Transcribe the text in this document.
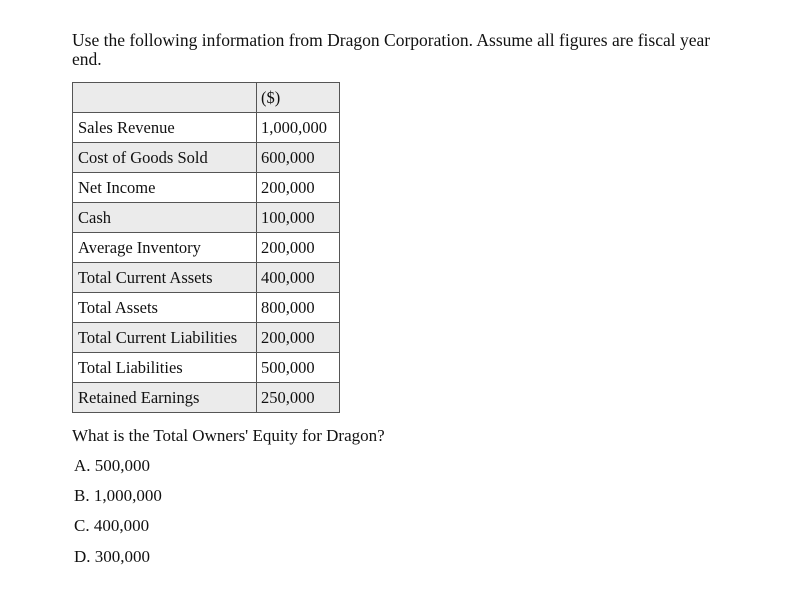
Use the following information from Dragon Corporation. Assume all figures are fiscal year end.

	($)
Sales Revenue	1,000,000
Cost of Goods Sold	600,000
Net Income	200,000
Cash	100,000
Average Inventory	200,000
Total Current Assets	400,000
Total Assets	800,000
Total Current Liabilities	200,000
Total Liabilities	500,000
Retained Earnings	250,000

What is the Total Owners' Equity for Dragon?

A. 500,000

B. 1,000,000

C. 400,000

D. 300,000
